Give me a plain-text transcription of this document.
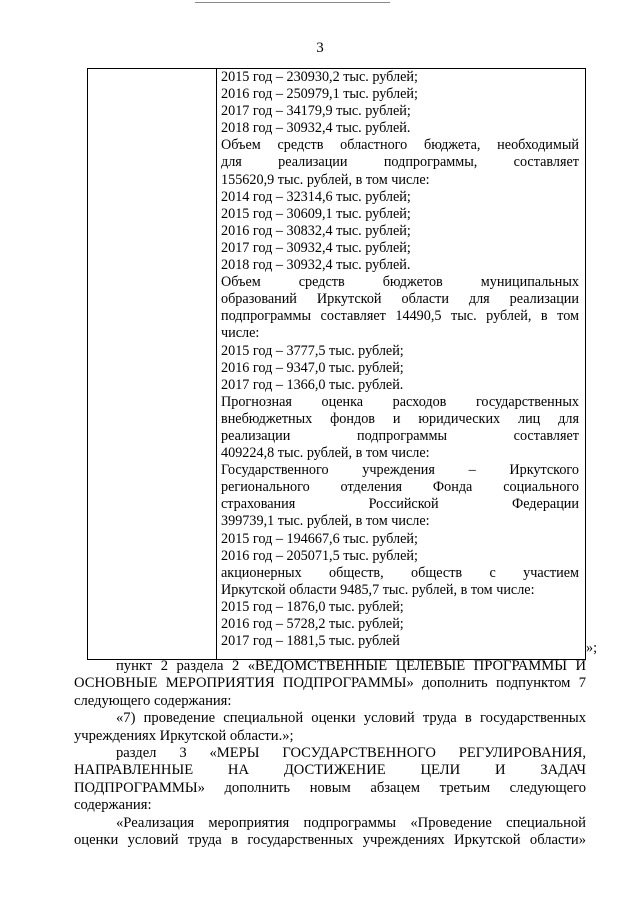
3
2015 год – 230930,2 тыс. рублей;
2016 год – 250979,1 тыс. рублей;
2017 год – 34179,9 тыс. рублей;
2018 год – 30932,4 тыс. рублей.
Объем средств областного бюджета, необходимый
для реализации подпрограммы, составляет
155620,9 тыс. рублей, в том числе:
2014 год – 32314,6 тыс. рублей;
2015 год – 30609,1 тыс. рублей;
2016 год – 30832,4 тыс. рублей;
2017 год – 30932,4 тыс. рублей;
2018 год – 30932,4 тыс. рублей.
Объем средств бюджетов муниципальных
образований Иркутской области для реализации
подпрограммы составляет 14490,5 тыс. рублей, в том
числе:
2015 год – 3777,5 тыс. рублей;
2016 год – 9347,0 тыс. рублей;
2017 год – 1366,0 тыс. рублей.
Прогнозная оценка расходов государственных
внебюджетных фондов и юридических лиц для
реализации подпрограммы составляет
409224,8 тыс. рублей, в том числе:
Государственного учреждения – Иркутского
регионального отделения Фонда социального
страхования Российской Федерации
399739,1 тыс. рублей, в том числе:
2015 год – 194667,6 тыс. рублей;
2016 год – 205071,5 тыс. рублей;
акционерных обществ, обществ с участием
Иркутской области 9485,7 тыс. рублей, в том числе:
2015 год – 1876,0 тыс. рублей;
2016 год – 5728,2 тыс. рублей;
2017 год – 1881,5 тыс. рублей	»;
пункт 2 раздела 2 «ВЕДОМСТВЕННЫЕ ЦЕЛЕВЫЕ ПРОГРАММЫ И
ОСНОВНЫЕ МЕРОПРИЯТИЯ ПОДПРОГРАММЫ» дополнить подпунктом 7
следующего содержания:
«7) проведение специальной оценки условий труда в государственных
учреждениях Иркутской области.»;
раздел 3 «МЕРЫ ГОСУДАРСТВЕННОГО РЕГУЛИРОВАНИЯ,
НАПРАВЛЕННЫЕ НА ДОСТИЖЕНИЕ ЦЕЛИ И ЗАДАЧ
ПОДПРОГРАММЫ» дополнить новым абзацем третьим следующего
содержания:
«Реализация мероприятия подпрограммы «Проведение специальной
оценки условий труда в государственных учреждениях Иркутской области»
